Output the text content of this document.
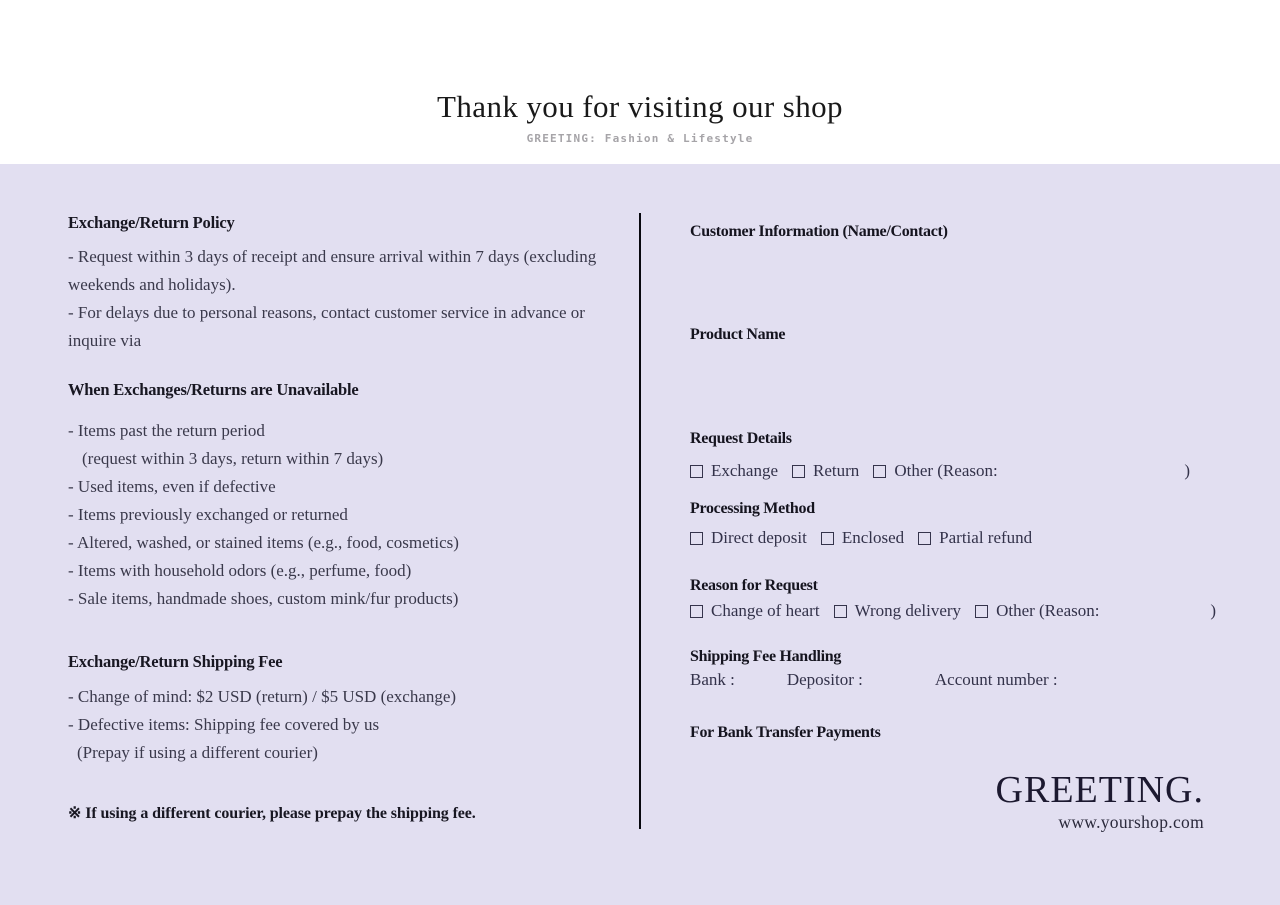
Thank you for visiting our shop
GREETING: Fashion & Lifestyle
Exchange/Return Policy

- Request within 3 days of receipt and ensure arrival within 7 days (excluding weekends and holidays).

- For delays due to personal reasons, contact customer service in advance or inquire via

When Exchanges/Returns are Unavailable
- Items past the return period
(request within 3 days, return within 7 days)
- Used items, even if defective
- Items previously exchanged or returned
- Altered, washed, or stained items (e.g., food, cosmetics)
- Items with household odors (e.g., perfume, food)
- Sale items, handmade shoes, custom mink/fur products)
Exchange/Return Shipping Fee
- Change of mind: $2 USD (return) / $5 USD (exchange)
- Defective items: Shipping fee covered by us
(Prepay if using a different courier)
※ If using a different courier, please prepay the shipping fee.
Customer Information (Name/Contact)
Product Name
Request Details
Exchange Return Other (Reason:	)
Processing Method
Direct deposit Enclosed Partial refund
Reason for Request
Change of heart Wrong delivery Other (Reason:	)
Shipping Fee Handling
Bank :	Depositor :	Account number :
For Bank Transfer Payments
GREETING.
www.yourshop.com
